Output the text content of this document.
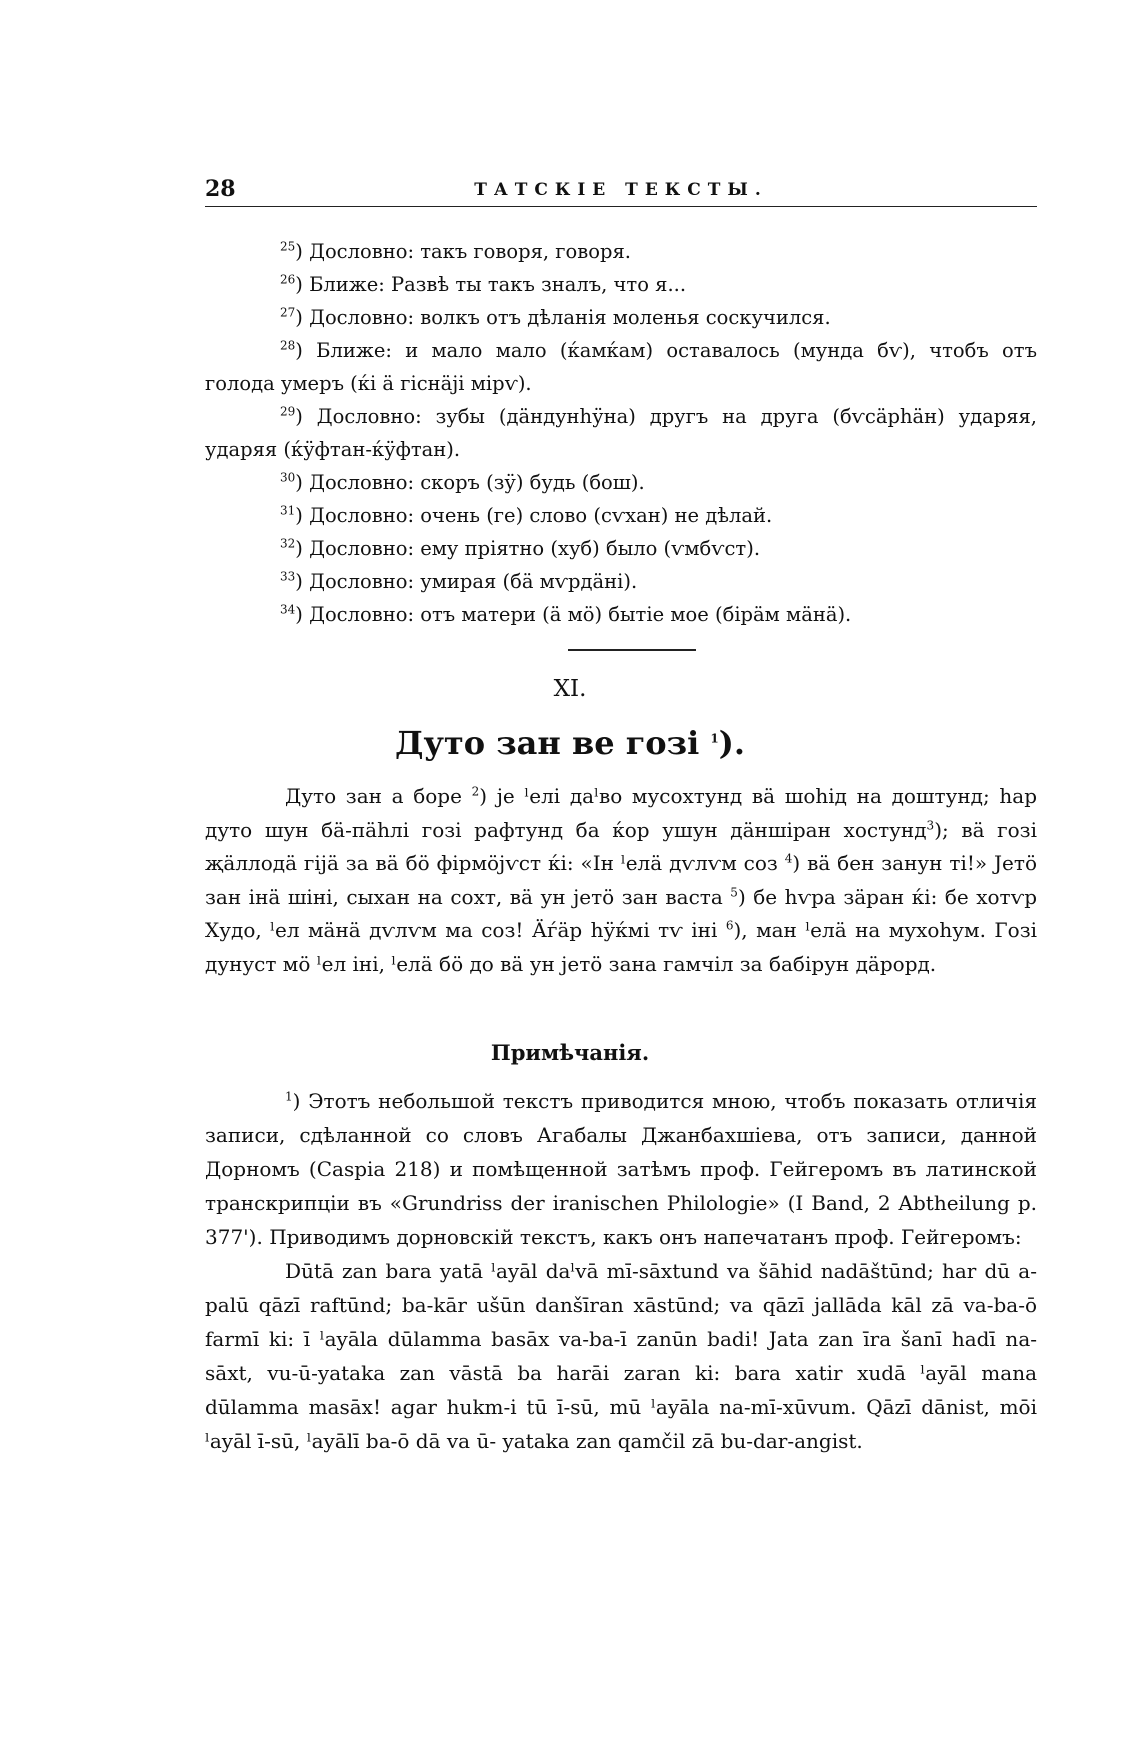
28	ТАТСКІЕ ТЕКСТЫ.

$^{25}$) Дословно: такъ говоря, говоря.

$^{26}$) Ближе: Развѣ ты такъ зналъ, что я...

$^{27}$) Дословно: волкъ отъ дѣланія моленья соскучился.

$^{28}$) Ближе: и мало мало (ќамќам) оставалось (мунда бѵ), чтобъ отъ голода умеръ (ќі ӓ гіснӓјі мірѵ).

$^{29}$) Дословно: зубы (дӓндунһӱна) другъ на друга (бѵсӓрһӓн) ударяя, ударяя (ќӱфтан-ќӱфтан).

$^{30}$) Дословно: скоръ (зӱ) будь (бош).

$^{31}$) Дословно: очень (ге) слово (сѵхан) не дѣлай.

$^{32}$) Дословно: ему пріятно (хуб) было (ѵмбѵст).

$^{33}$) Дословно: умирая (бӓ мѵрдӓні).

$^{34}$) Дословно: отъ матери (ӓ мӧ) бытіе мое (бірӓм мӓнӓ).

XI.
Дуто зан ве гозі $^1$).

Дуто зан а боре $^2$) је ˡелі даˡво мусохтунд вӓ шоһід на доштунд; һар дуто шун бӓ-пӓһлі гозі рафтунд ба ќор ушун дӓншіран хостунд$^3$); вӓ гозі җӓллодӓ гіјӓ за вӓ бӧ фірмӧјѵст ќі: «Ін ˡелӓ дѵлѵм соз $^4$) вӓ бен занун ті!» Јетӧ зан інӓ шіні, сыхан на сохт, вӓ ун јетӧ зан васта $^5$) бе һѵра зӓран ќі: бе хотѵр Худо, ˡел мӓнӓ дѵлѵм ма соз! Ӓѓӓр һӱќмі тѵ іні $^6$), ман ˡелӓ на мухоһум. Гозі дунуст мӧ ˡел іні, ˡелӓ бӧ до вӓ ун јетӧ зана гамчіл за бабірун дӓрорд.

Примѣчанія.

$^1$) Этотъ небольшой текстъ приводится мною, чтобъ показать отличія записи, сдѣланной со словъ Агабалы Джанбахшіева, отъ записи, данной Дорномъ (Caspia 218) и помѣщенной затѣмъ проф. Гейгеромъ въ латинской транскрипціи въ «Grundriss der iranischen Philologie» (I Band, 2 Abtheilung p. 377'). Приводимъ дорновскій текстъ, какъ онъ напечатанъ проф. Гейгеромъ:

Dūtā zan bara yatā ˡayāl daˡvā mī-sāxtund va šāhid nadāštūnd; har dū a-palū qāzī raftūnd; ba-kār ušūn danšīran xāstūnd; va qāzī jallāda kāl zā va-ba-ō farmī ki: ī ˡayāla dūlamma basāx va-ba-ī zanūn badi! Jata zan īra šanī hadī na-sāxt, vu-ū-yataka zan vāstā ba harāi zaran ki: bara xatir xudā ˡayāl mana dūlamma masāx! agar hukm-i tū ī-sū, mū ˡayāla na-mī-xūvum. Qāzī dānist, mōi ˡayāl ī-sū, ˡayālī ba-ō dā va ū- yataka zan qamčil zā bu-dar-angist.
